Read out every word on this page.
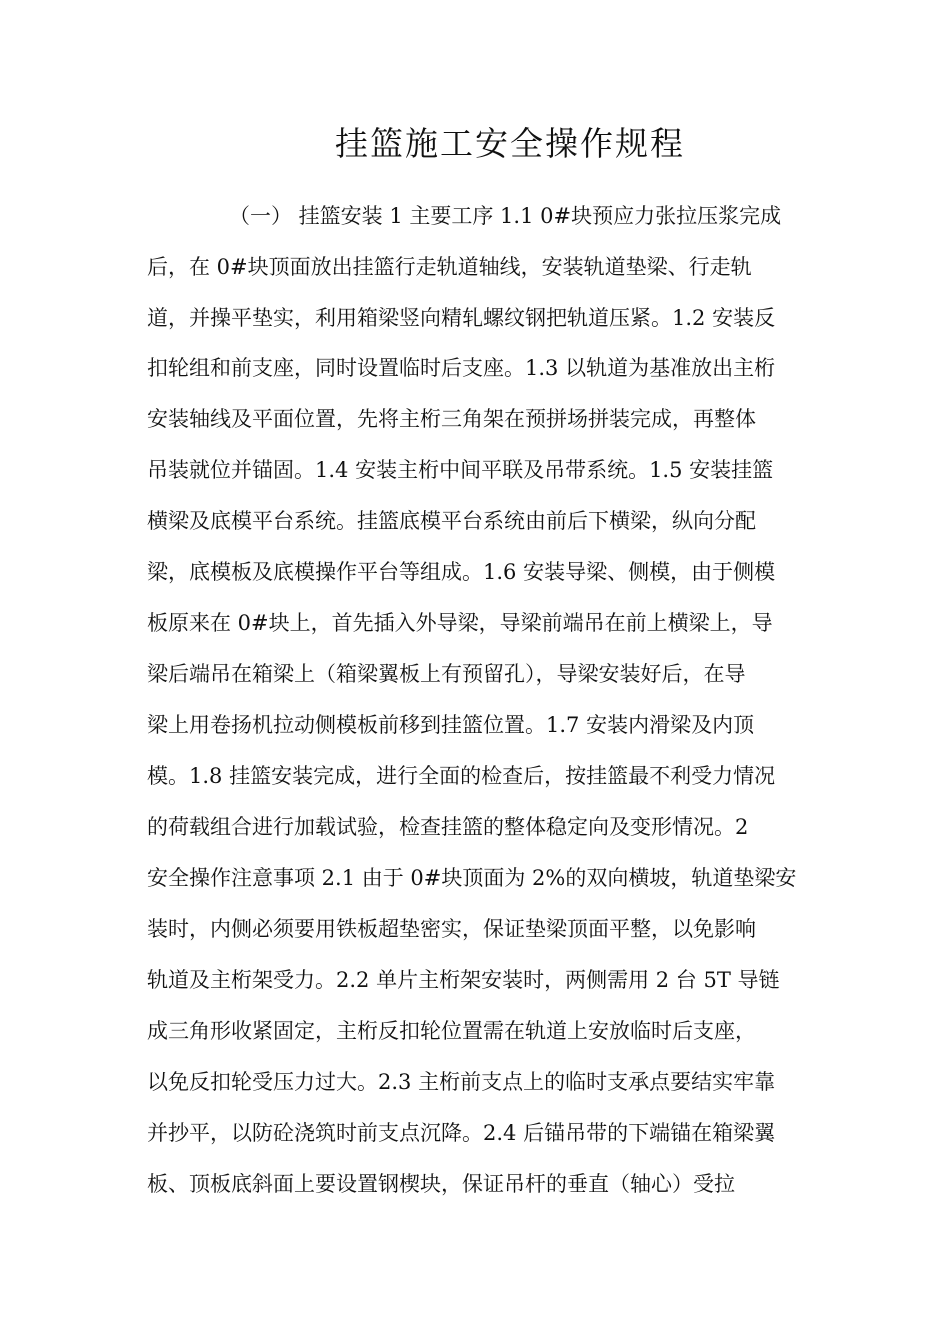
挂篮施工安全操作规程
（一） 挂篮安装 1 主要工序 1.1 0#块预应力张拉压浆完成
后，在 0#块顶面放出挂篮行走轨道轴线，安装轨道垫梁、行走轨
道，并操平垫实，利用箱梁竖向精轧螺纹钢把轨道压紧。1.2 安装反
扣轮组和前支座，同时设置临时后支座。1.3 以轨道为基准放出主桁
安装轴线及平面位置，先将主桁三角架在预拼场拼装完成，再整体
吊装就位并锚固。1.4 安装主桁中间平联及吊带系统。1.5 安装挂篮
横梁及底模平台系统。挂篮底模平台系统由前后下横梁，纵向分配
梁，底模板及底模操作平台等组成。1.6 安装导梁、侧模，由于侧模
板原来在 0#块上，首先插入外导梁，导梁前端吊在前上横梁上，导
梁后端吊在箱梁上（箱梁翼板上有预留孔），导梁安装好后，在导
梁上用卷扬机拉动侧模板前移到挂篮位置。1.7 安装内滑梁及内顶
模。1.8 挂篮安装完成，进行全面的检查后，按挂篮最不利受力情况
的荷载组合进行加载试验，检查挂篮的整体稳定向及变形情况。2
安全操作注意事项 2.1 由于 0#块顶面为 2%的双向横坡，轨道垫梁安
装时，内侧必须要用铁板超垫密实，保证垫梁顶面平整，以免影响
轨道及主桁架受力。2.2 单片主桁架安装时，两侧需用 2 台 5T 导链
成三角形收紧固定，主桁反扣轮位置需在轨道上安放临时后支座，
以免反扣轮受压力过大。2.3 主桁前支点上的临时支承点要结实牢靠
并抄平，以防砼浇筑时前支点沉降。2.4 后锚吊带的下端锚在箱梁翼
板、顶板底斜面上要设置钢楔块，保证吊杆的垂直（轴心）受拉
